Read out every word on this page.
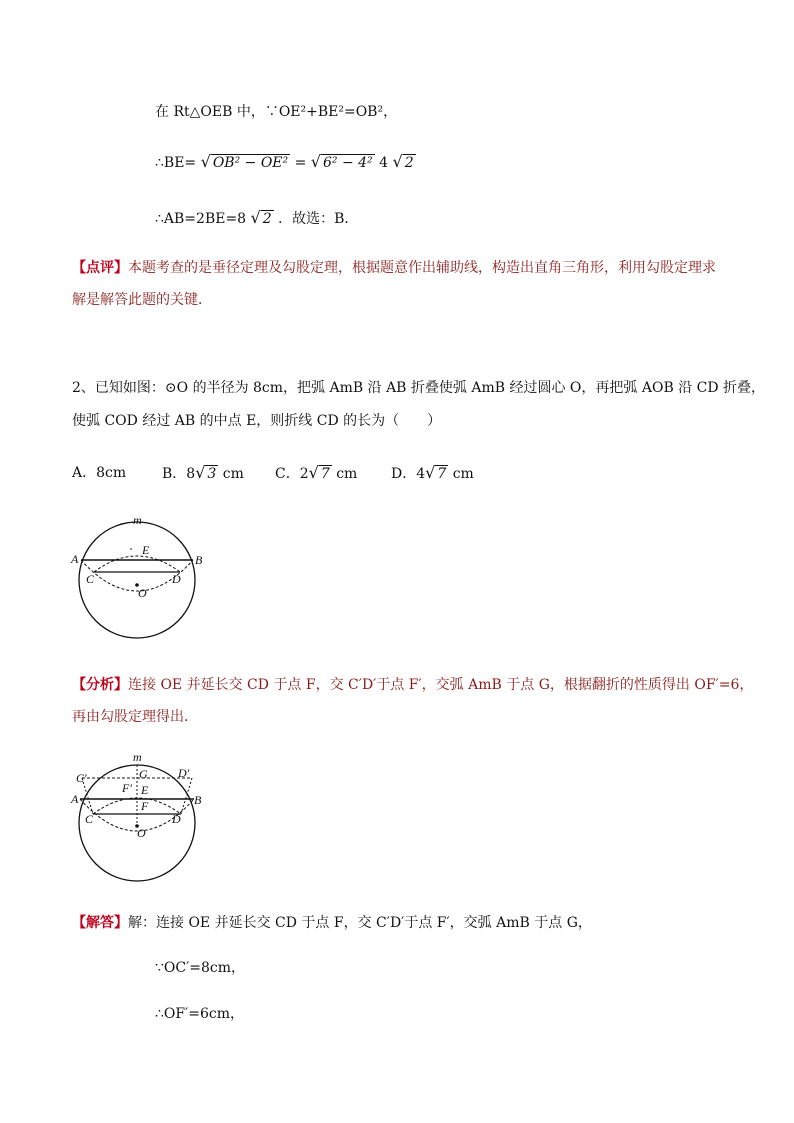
在 Rt△OEB 中，∵OE²+BE²=OB²，
∴BE= √ OB² − OE² = √ 6² − 4² 4 √ 2
∴AB=2BE=8 √ 2 ．故选：B．
【点评】本题考查的是垂径定理及勾股定理，根据题意作出辅助线，构造出直角三角形，利用勾股定理求
解是解答此题的关键．
2、已知如图：⊙O 的半径为 8cm，把弧 AmB 沿 AB 折叠使弧 AmB 经过圆心 O，再把弧 AOB 沿 CD 折叠，
使弧 COD 经过 AB 的中点 E，则折线 CD 的长为（　　）
A．8cm	B．8√ 3 cm C．2√ 7 cm D．4√ 7 cm
m
A	B
E
C	D
O
【分析】连接 OE 并延长交 CD 于点 F，交 C′D′于点 F′，交弧 AmB 于点 G，根据翻折的性质得出 OF′=6，
再由勾股定理得出．
m
C′	G	D′
F′
A
E
B
F
C	D
O
【解答】解：连接 OE 并延长交 CD 于点 F，交 C′D′于点 F′，交弧 AmB 于点 G，
∵OC′=8cm，
∴OF′=6cm，
